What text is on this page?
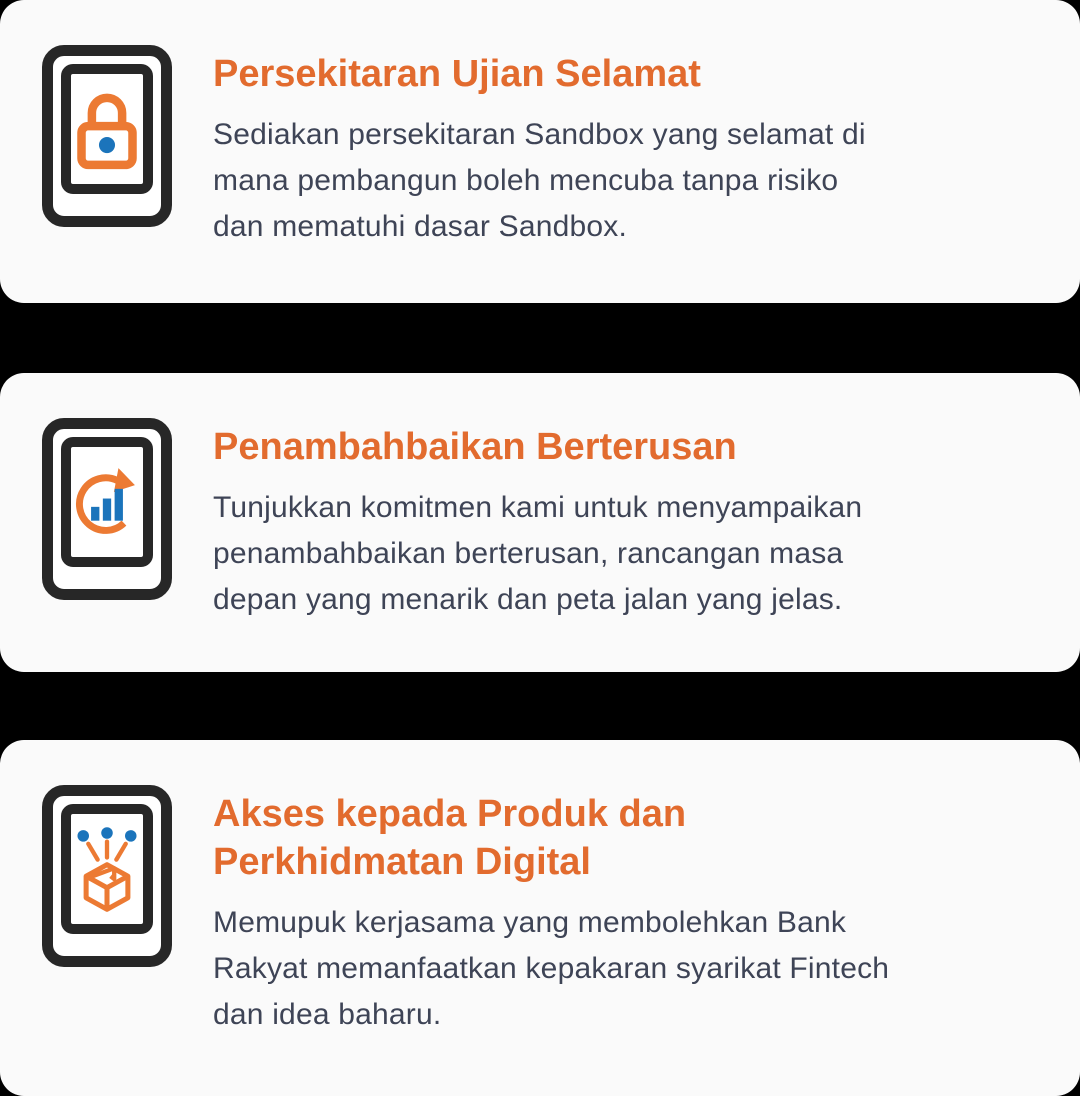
Persekitaran Ujian Selamat
Sediakan persekitaran Sandbox yang selamat di
mana pembangun boleh mencuba tanpa risiko
dan mematuhi dasar Sandbox.
Penambahbaikan Berterusan
Tunjukkan komitmen kami untuk menyampaikan
penambahbaikan berterusan, rancangan masa
depan yang menarik dan peta jalan yang jelas.
Akses kepada Produk dan
Perkhidmatan Digital
Memupuk kerjasama yang membolehkan Bank
Rakyat memanfaatkan kepakaran syarikat Fintech
dan idea baharu.
